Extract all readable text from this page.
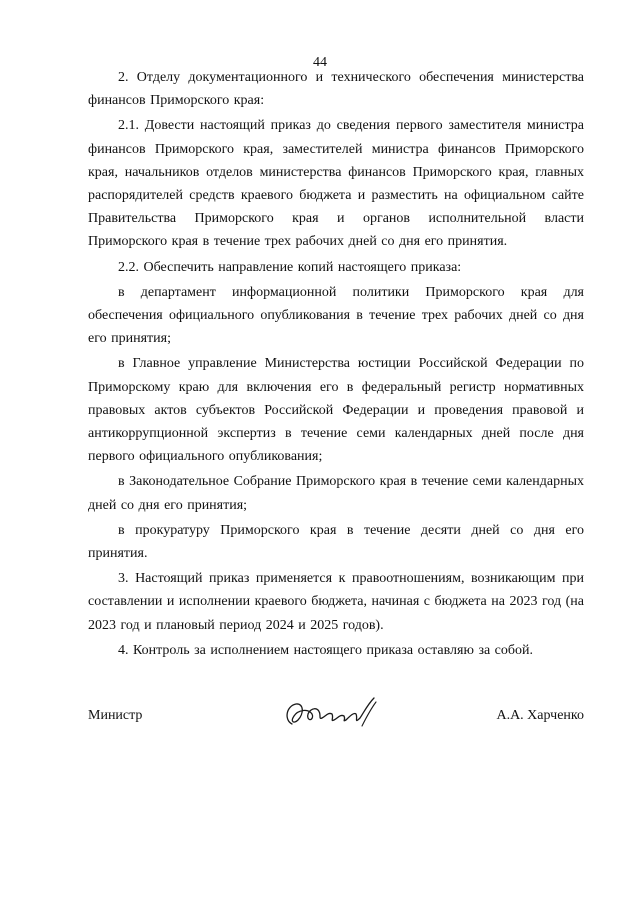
44

2. Отделу документационного и технического обеспечения министерства финансов Приморского края:

2.1. Довести настоящий приказ до сведения первого заместителя министра финансов Приморского края, заместителей министра финансов Приморского края, начальников отделов министерства финансов Приморского края, главных распорядителей средств краевого бюджета и разместить на официальном сайте Правительства Приморского края и органов исполнительной власти Приморского края в течение трех рабочих дней со дня его принятия.

2.2. Обеспечить направление копий настоящего приказа:

в департамент информационной политики Приморского края для обеспечения официального опубликования в течение трех рабочих дней со дня его принятия;

в Главное управление Министерства юстиции Российской Федерации по Приморскому краю для включения его в федеральный регистр нормативных правовых актов субъектов Российской Федерации и проведения правовой и антикоррупционной экспертиз в течение семи календарных дней после дня первого официального опубликования;

в Законодательное Собрание Приморского края в течение семи календарных дней со дня его принятия;

в прокуратуру Приморского края в течение десяти дней со дня его принятия.

3. Настоящий приказ применяется к правоотношениям, возникающим при составлении и исполнении краевого бюджета, начиная с бюджета на 2023 год (на 2023 год и плановый период 2024 и 2025 годов).

4. Контроль за исполнением настоящего приказа оставляю за собой.

Министр	А.А. Харченко
